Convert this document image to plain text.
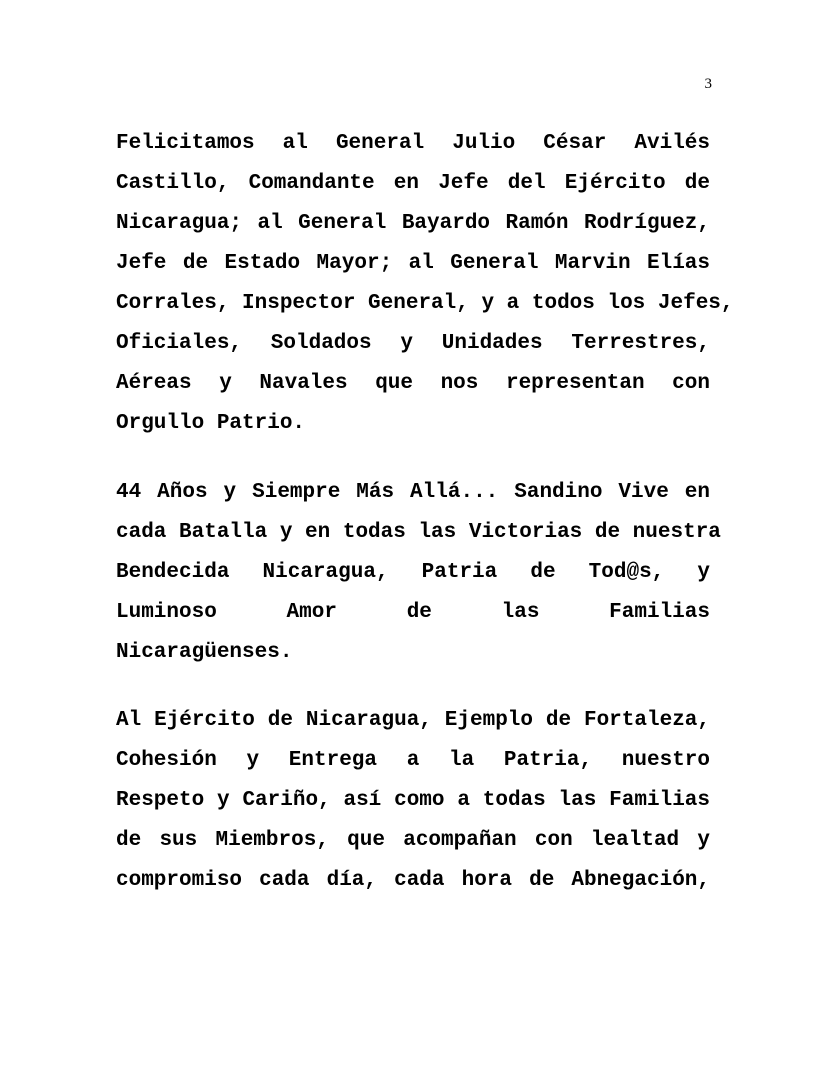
3
Felicitamos al General Julio César Avilés
Castillo, Comandante en Jefe del Ejército de
Nicaragua; al General Bayardo Ramón Rodríguez,
Jefe de Estado Mayor; al General Marvin Elías
Corrales, Inspector General, y a todos los Jefes,
Oficiales, Soldados y Unidades Terrestres,
Aéreas y Navales que nos representan con
Orgullo Patrio.
44 Años y Siempre Más Allá... Sandino Vive en
cada Batalla y en todas las Victorias de nuestra
Bendecida Nicaragua, Patria de Tod@s, y
Luminoso Amor de las Familias
Nicaragüenses.
Al Ejército de Nicaragua, Ejemplo de Fortaleza,
Cohesión y Entrega a la Patria, nuestro
Respeto y Cariño, así como a todas las Familias
de sus Miembros, que acompañan con lealtad y
compromiso cada día, cada hora de Abnegación,
